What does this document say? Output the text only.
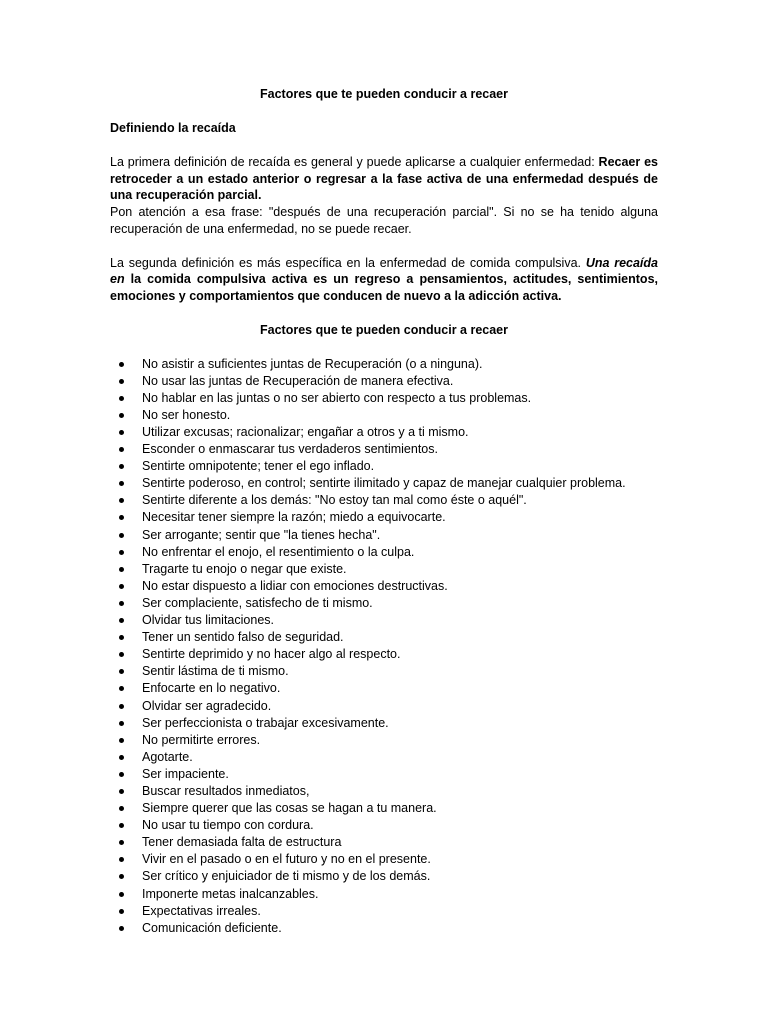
Factores que te pueden conducir a recaer

Definiendo la recaída

La primera definición de recaída es general y puede aplicarse a cualquier enfermedad: Recaer es retroceder a un estado anterior o regresar a la fase activa de una enfermedad después de una recuperación parcial.

Pon atención a esa frase: "después de una recuperación parcial". Si no se ha tenido alguna recuperación de una enfermedad, no se puede recaer.

La segunda definición es más específica en la enfermedad de comida compulsiva. Una recaída en la comida compulsiva activa es un regreso a pensamientos, actitudes, sentimientos, emociones y comportamientos que conducen de nuevo a la adicción activa.

Factores que te pueden conducir a recaer

No asistir a suficientes juntas de Recuperación (o a ninguna).
No usar las juntas de Recuperación de manera efectiva.
No hablar en las juntas o no ser abierto con respecto a tus problemas.
No ser honesto.
Utilizar excusas; racionalizar; engañar a otros y a ti mismo.
Esconder o enmascarar tus verdaderos sentimientos.
Sentirte omnipotente; tener el ego inflado.
Sentirte poderoso, en control; sentirte ilimitado y capaz de manejar cualquier problema.
Sentirte diferente a los demás: "No estoy tan mal como éste o aquél".
Necesitar tener siempre la razón; miedo a equivocarte.
Ser arrogante; sentir que "la tienes hecha".
No enfrentar el enojo, el resentimiento o la culpa.
Tragarte tu enojo o negar que existe.
No estar dispuesto a lidiar con emociones destructivas.
Ser complaciente, satisfecho de ti mismo.
Olvidar tus limitaciones.
Tener un sentido falso de seguridad.
Sentirte deprimido y no hacer algo al respecto.
Sentir lástima de ti mismo.
Enfocarte en lo negativo.
Olvidar ser agradecido.
Ser perfeccionista o trabajar excesivamente.
No permitirte errores.
Agotarte.
Ser impaciente.
Buscar resultados inmediatos,
Siempre querer que las cosas se hagan a tu manera.
No usar tu tiempo con cordura.
Tener demasiada falta de estructura
Vivir en el pasado o en el futuro y no en el presente.
Ser crítico y enjuiciador de ti mismo y de los demás.
Imponerte metas inalcanzables.
Expectativas irreales.
Comunicación deficiente.
